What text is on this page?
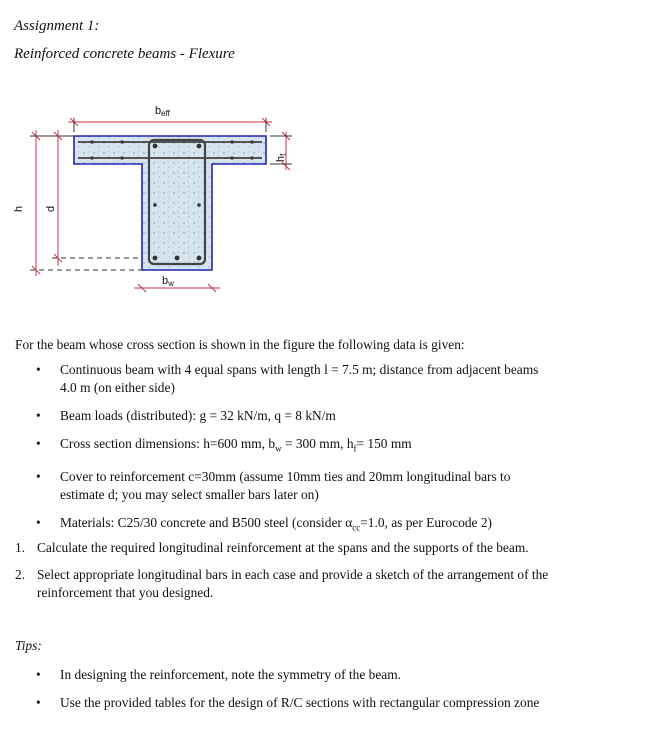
Assignment 1:
Reinforced concrete beams - Flexure
beff
hf
h d
bw
For the beam whose cross section is shown in the figure the following data is given:
• Continuous beam with 4 equal spans with length l = 7.5 m; distance from adjacent beams
4.0 m (on either side)
• Beam loads (distributed): g = 32 kN/m, q = 8 kN/m
• Cross section dimensions: h=600 mm, $b_w = 300$ mm, $h_f= 150$ mm
• Cover to reinforcement c=30mm (assume 10mm ties and 20mm longitudinal bars to
estimate d; you may select smaller bars later on)
• Materials: C25/30 concrete and B500 steel (consider $\alpha_{cc}=1.0$, as per Eurocode 2)
1. Calculate the required longitudinal reinforcement at the spans and the supports of the beam.
2. Select appropriate longitudinal bars in each case and provide a sketch of the arrangement of the
reinforcement that you designed.
Tips:
• In designing the reinforcement, note the symmetry of the beam.
• Use the provided tables for the design of R/C sections with rectangular compression zone
